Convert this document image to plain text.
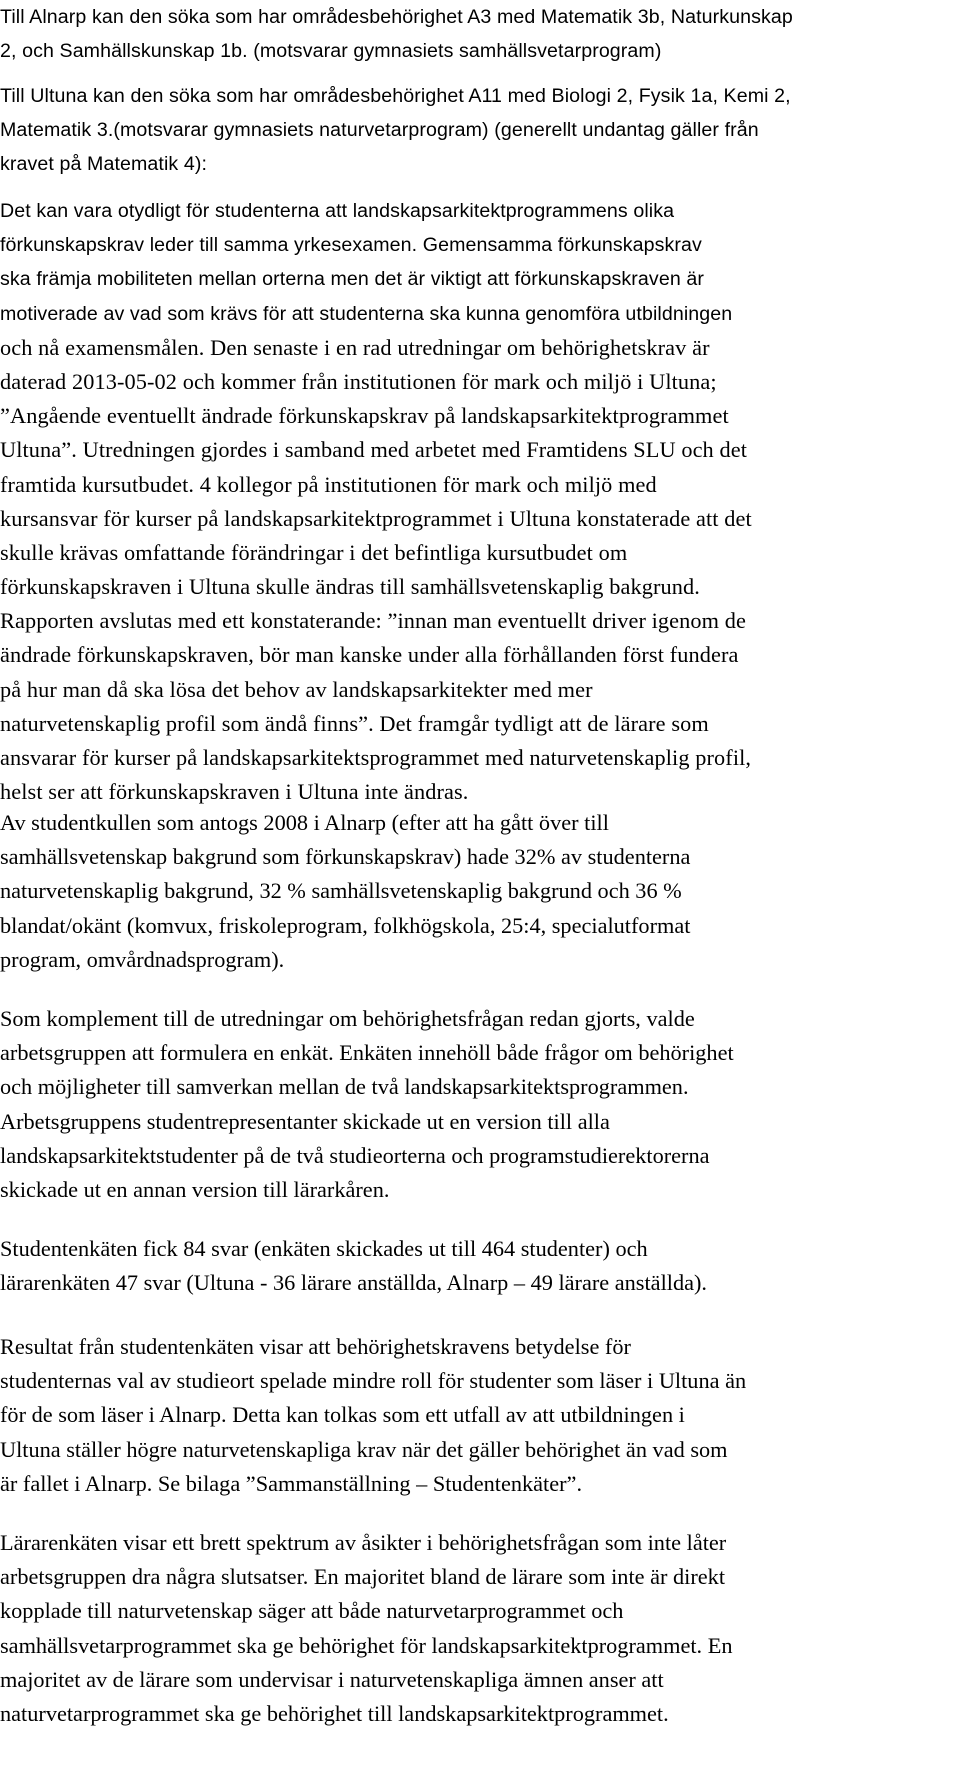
Till Alnarp kan den söka som har områdesbehörighet A3 med Matematik 3b, Naturkunskap
2, och Samhällskunskap 1b. (motsvarar gymnasiets samhällsvetarprogram)

Till Ultuna kan den söka som har områdesbehörighet A11 med Biologi 2, Fysik 1a, Kemi 2,
Matematik 3.(motsvarar gymnasiets naturvetarprogram) (generellt undantag gäller från
kravet på Matematik 4):

Det kan vara otydligt för studenterna att landskapsarkitektprogrammens olika
förkunskapskrav leder till samma yrkesexamen. Gemensamma förkunskapskrav
ska främja mobiliteten mellan orterna men det är viktigt att förkunskapskraven är
motiverade av vad som krävs för att studenterna ska kunna genomföra utbildningen
och nå examensmålen. Den senaste i en rad utredningar om behörighetskrav är
daterad 2013-05-02 och kommer från institutionen för mark och miljö i Ultuna;
”Angående eventuellt ändrade förkunskapskrav på landskapsarkitektprogrammet
Ultuna”. Utredningen gjordes i samband med arbetet med Framtidens SLU och det
framtida kursutbudet. 4 kollegor på institutionen för mark och miljö med
kursansvar för kurser på landskapsarkitektprogrammet i Ultuna konstaterade att det
skulle krävas omfattande förändringar i det befintliga kursutbudet om
förkunskapskraven i Ultuna skulle ändras till samhällsvetenskaplig bakgrund.
Rapporten avslutas med ett konstaterande: ”innan man eventuellt driver igenom de
ändrade förkunskapskraven, bör man kanske under alla förhållanden först fundera
på hur man då ska lösa det behov av landskapsarkitekter med mer
naturvetenskaplig profil som ändå finns”. Det framgår tydligt att de lärare som
ansvarar för kurser på landskapsarkitektsprogrammet med naturvetenskaplig profil,
helst ser att förkunskapskraven i Ultuna inte ändras.

Av studentkullen som antogs 2008 i Alnarp (efter att ha gått över till
samhällsvetenskap bakgrund som förkunskapskrav) hade 32% av studenterna
naturvetenskaplig bakgrund, 32 % samhällsvetenskaplig bakgrund och 36 %
blandat/okänt (komvux, friskoleprogram, folkhögskola, 25:4, specialutformat
program, omvårdnadsprogram).

Som komplement till de utredningar om behörighetsfrågan redan gjorts, valde
arbetsgruppen att formulera en enkät. Enkäten innehöll både frågor om behörighet
och möjligheter till samverkan mellan de två landskapsarkitektsprogrammen.
Arbetsgruppens studentrepresentanter skickade ut en version till alla
landskapsarkitektstudenter på de två studieorterna och programstudierektorerna
skickade ut en annan version till lärarkåren.

Studentenkäten fick 84 svar (enkäten skickades ut till 464 studenter) och
lärarenkäten 47 svar (Ultuna - 36 lärare anställda, Alnarp – 49 lärare anställda).

Resultat från studentenkäten visar att behörighetskravens betydelse för
studenternas val av studieort spelade mindre roll för studenter som läser i Ultuna än
för de som läser i Alnarp. Detta kan tolkas som ett utfall av att utbildningen i
Ultuna ställer högre naturvetenskapliga krav när det gäller behörighet än vad som
är fallet i Alnarp. Se bilaga ”Sammanställning – Studentenkäter”.

Lärarenkäten visar ett brett spektrum av åsikter i behörighetsfrågan som inte låter
arbetsgruppen dra några slutsatser. En majoritet bland de lärare som inte är direkt
kopplade till naturvetenskap säger att både naturvetarprogrammet och
samhällsvetarprogrammet ska ge behörighet för landskapsarkitektprogrammet. En
majoritet av de lärare som undervisar i naturvetenskapliga ämnen anser att
naturvetarprogrammet ska ge behörighet till landskapsarkitektprogrammet.
